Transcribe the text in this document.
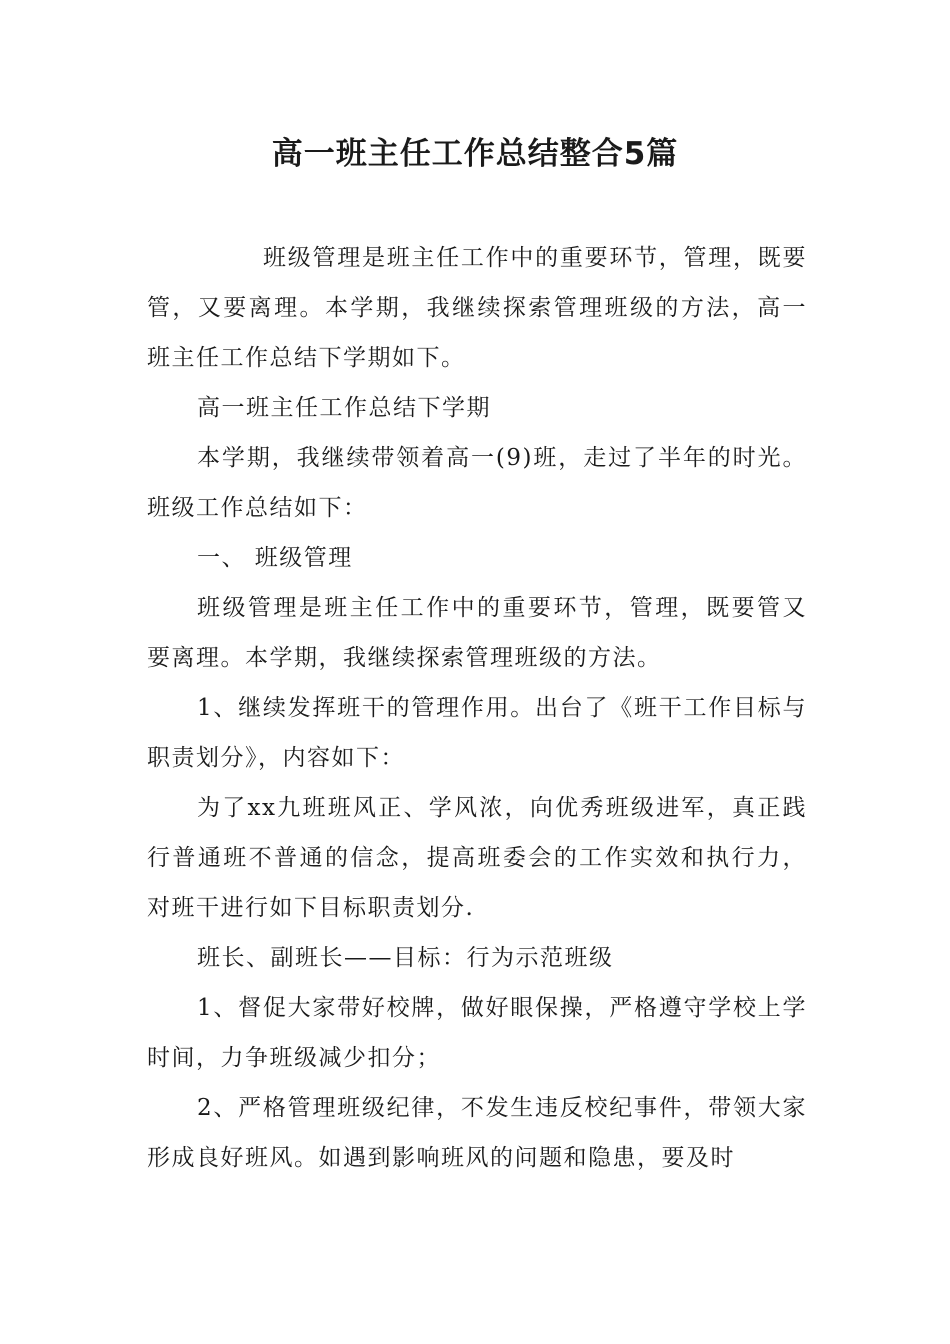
高一班主任工作总结整合5篇

班级管理是班主任工作中的重要环节，管理，既要管，又要离理。本学期，我继续探索管理班级的方法，高一班主任工作总结下学期如下。

高一班主任工作总结下学期

本学期，我继续带领着高一(9)班，走过了半年的时光。班级工作总结如下：

一、 班级管理

班级管理是班主任工作中的重要环节，管理，既要管又要离理。本学期，我继续探索管理班级的方法。

1、继续发挥班干的管理作用。出台了《班干工作目标与职责划分》，内容如下：

为了xx九班班风正、学风浓，向优秀班级进军，真正践行普通班不普通的信念，提高班委会的工作实效和执行力，对班干进行如下目标职责划分.

班长、副班长——目标：行为示范班级

1、督促大家带好校牌，做好眼保操，严格遵守学校上学时间，力争班级减少扣分；

2、严格管理班级纪律，不发生违反校纪事件，带领大家形成良好班风。如遇到影响班风的问题和隐患，要及时
